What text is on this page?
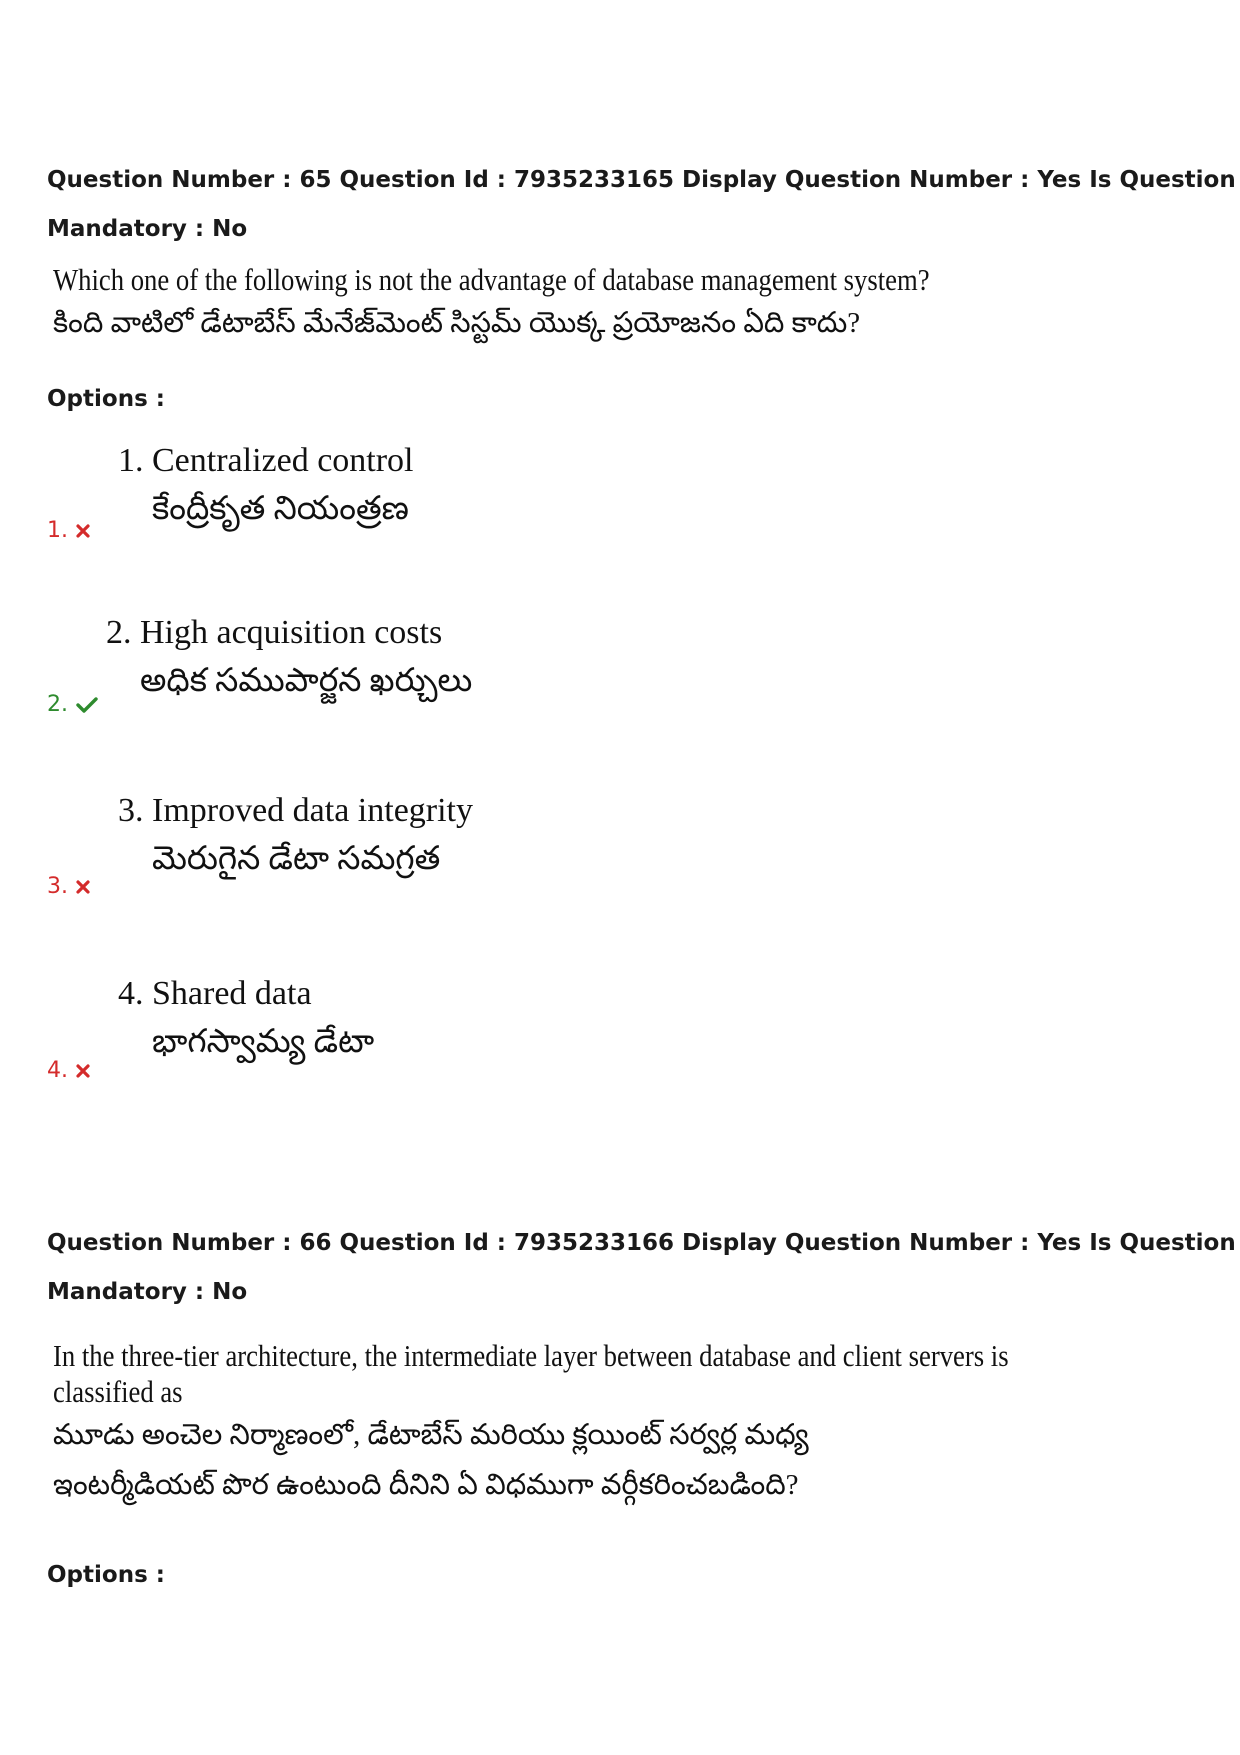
Question Number : 65 Question Id : 7935233165 Display Question Number : Yes Is Question
Mandatory : No
Which one of the following is not the advantage of database management system?
కింది వాటిలో డేటాబేస్ మేనేజ్‌మెంట్ సిస్టమ్ యొక్క ప్రయోజనం ఏది కాదు?
Options :
1. Centralized control
కేంద్రీకృత నియంత్రణ
1.
2. High acquisition costs
అధిక సముపార్జన ఖర్చులు
2.
3. Improved data integrity
మెరుగైన డేటా సమగ్రత
3.
4. Shared data
భాగస్వామ్య డేటా
4.
Question Number : 66 Question Id : 7935233166 Display Question Number : Yes Is Question
Mandatory : No
In the three-tier architecture, the intermediate layer between database and client servers is
classified as
మూడు అంచెల నిర్మాణంలో, డేటాబేస్ మరియు క్లయింట్ సర్వర్ల మధ్య
ఇంటర్మీడియట్ పొర ఉంటుంది దీనిని ఏ విధముగా వర్గీకరించబడింది?
Options :
